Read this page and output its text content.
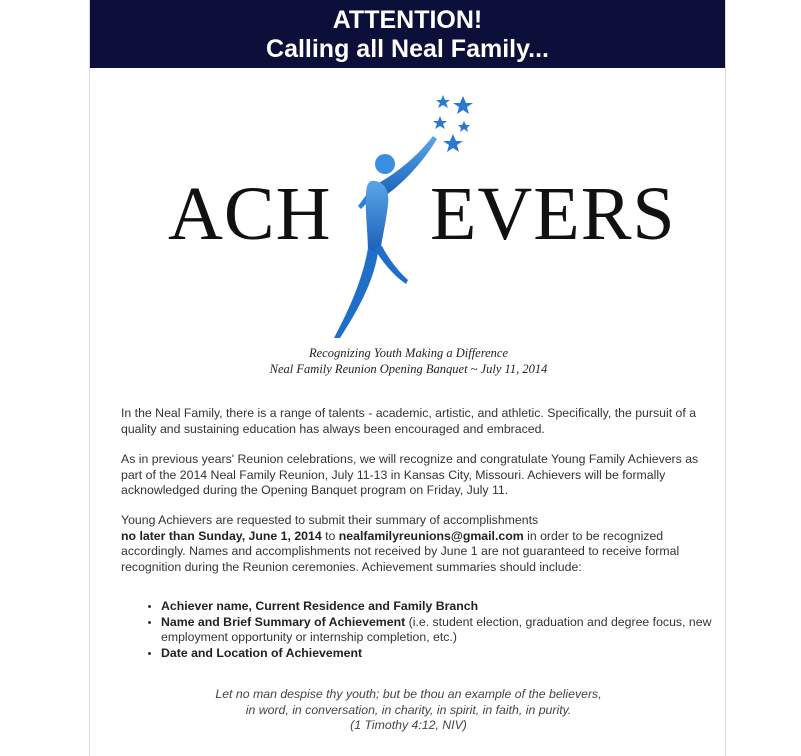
ATTENTION!
Calling all Neal Family...
ACH EVERS
Recognizing Youth Making a Difference
Neal Family Reunion Opening Banquet ~ July 11, 2014
In the Neal Family, there is a range of talents - academic, artistic, and athletic. Specifically, the pursuit of a quality and sustaining education has always been encouraged and embraced.
As in previous years' Reunion celebrations, we will recognize and congratulate Young Family Achievers as part of the 2014 Neal Family Reunion, July 11-13 in Kansas City, Missouri. Achievers will be formally acknowledged during the Opening Banquet program on Friday, July 11.
Young Achievers are requested to submit their summary of accomplishments
no later than Sunday, June 1, 2014 to nealfamilyreunions@gmail.com in order to be recognized accordingly. Names and accomplishments not received by June 1 are not guaranteed to receive formal recognition during the Reunion ceremonies. Achievement summaries should include:
• Achiever name, Current Residence and Family Branch
• Name and Brief Summary of Achievement (i.e. student election, graduation and degree focus, new employment opportunity or internship completion, etc.)
• Date and Location of Achievement
Let no man despise thy youth; but be thou an example of the believers,
in word, in conversation, in charity, in spirit, in faith, in purity.
(1 Timothy 4:12, NIV)
